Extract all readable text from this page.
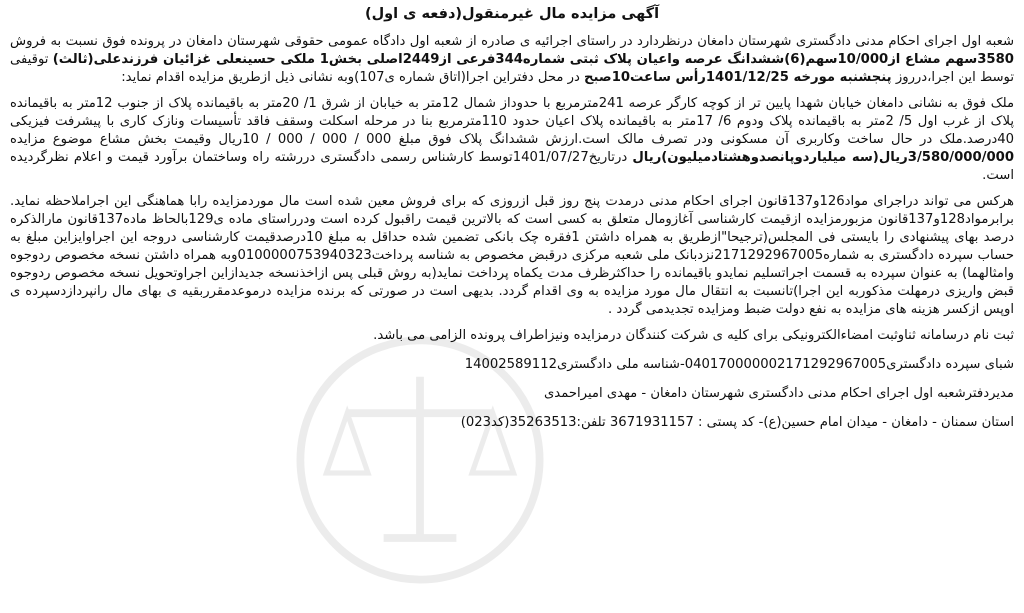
آگهی مزایده مال غیرمنقول(دفعه ی اول)

شعبه اول اجرای احکام مدنی دادگستری شهرستان دامغان درنظردارد در راستای اجرائیه ی صادره از شعبه اول دادگاه عمومی حقوقی شهرستان دامغان در پرونده فوق نسبت به فروش 3580سهم مشاع از10/000سهم(6)ششدانگ عرصه واعیان پلاک ثبتی شماره344فرعی از2449اصلی بخش1 ملکی حسینعلی غزائیان فرزندعلی(ثالث) توقیفی توسط این اجرا،درروز پنجشنبه مورخه 1401/12/25رأس ساعت10صبح در محل دفتراین اجرا(اتاق شماره ی107)وبه نشانی ذیل ازطریق مزایده اقدام نماید:

ملک فوق به نشانی دامغان خیابان شهدا پایین تر از کوچه کارگر عرصه 241مترمربع با حدوداز شمال 12متر به خیابان از شرق 1/ 20متر به باقیمانده پلاک از جنوب 12متر به باقیمانده پلاک از غرب اول 5/ 2متر به باقیمانده پلاک ودوم 6/ 17متر به باقیمانده پلاک اعیان حدود 110مترمربع بنا در مرحله اسکلت وسقف فاقد تأسیسات ونازک کاری با پیشرفت فیزیکی 40درصد.ملک در حال ساخت وکاربری آن مسکونی ودر تصرف مالک است.ارزش ششدانگ پلاک فوق مبلغ 000 / 000 / 000 / 10ریال وقیمت بخش مشاع موضوع مزایده 3/580/000/000ریال(سه میلیاردوپانصدوهشتادمیلیون)ریال درتاریخ1401/07/27توسط کارشناس رسمی دادگستری دررشته راه وساختمان برآورد قیمت و اعلام نظرگردیده است.

هرکس می تواند دراجرای مواد126و137قانون اجرای احکام مدنی درمدت پنج روز قبل ازروزی که برای فروش معین شده است مال موردمزایده رابا هماهنگی این اجراملاحظه نماید. برابرمواد128و137قانون مزبورمزایده ازقیمت کارشناسی آغازومال متعلق به کسی است که بالاترین قیمت راقبول کرده است ودرراستای ماده ی129بالحاظ ماده137قانون مارالذکره درصد بهای پیشنهادی را بایستی فی المجلس(ترجیحا"ازطریق به همراه داشتن 1فقره چک بانکی تضمین شده حداقل به مبلغ 10درصدقیمت کارشناسی دروجه این اجراوایزاین مبلغ به حساب سپرده دادگستری به شماره2171292967005نزدبانک ملی شعبه مرکزی درقبض مخصوص به شناسه پرداخت0100000753940323وبه همراه داشتن نسخه مخصوص ردوجوه وامثالهما) به عنوان سپرده به قسمت اجراتسلیم نمایدو باقیمانده را حداکثرظرف مدت یکماه پرداخت نماید(به روش قبلی پس ازاخذنسخه جدیدازاین اجراوتحویل نسخه مخصوص ردوجوه قبض واریزی درمهلت مذکوربه این اجرا)تانسبت به انتقال مال مورد مزایده به وی اقدام گردد. بدیهی است در صورتی که برنده مزایده درموعدمقرربقیه ی بهای مال رانپردازدسپرده ی اوپس ازکسر هزینه های مزایده به نفع دولت ضبط ومزایده تجدیدمی گردد .

ثبت نام درسامانه ثناوثبت امضاءالکترونیکی برای کلیه ی شرکت کنندگان درمزایده ونیزاطراف پرونده الزامی می باشد.

شبای سپرده دادگستری040170000002171292967005-شناسه ملی دادگستری14002589112

مدیردفترشعبه اول اجرای احکام مدنی دادگستری شهرستان دامغان - مهدی امیراحمدی

استان سمنان - دامغان - میدان امام حسین(ع)- کد پستی : 3671931157 تلفن:35263513(کد023)
